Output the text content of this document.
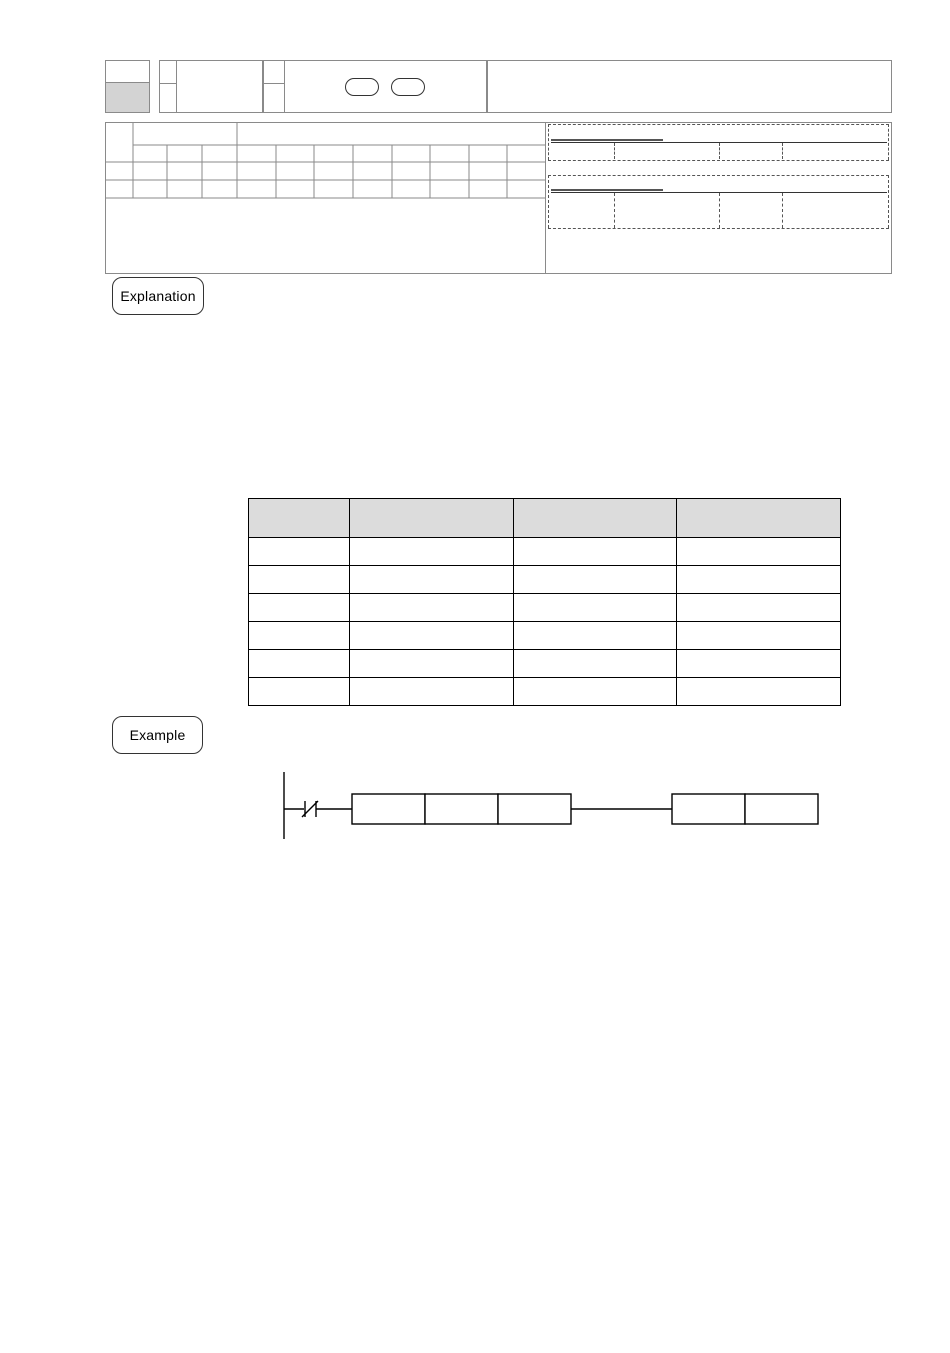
Explanation

Example
